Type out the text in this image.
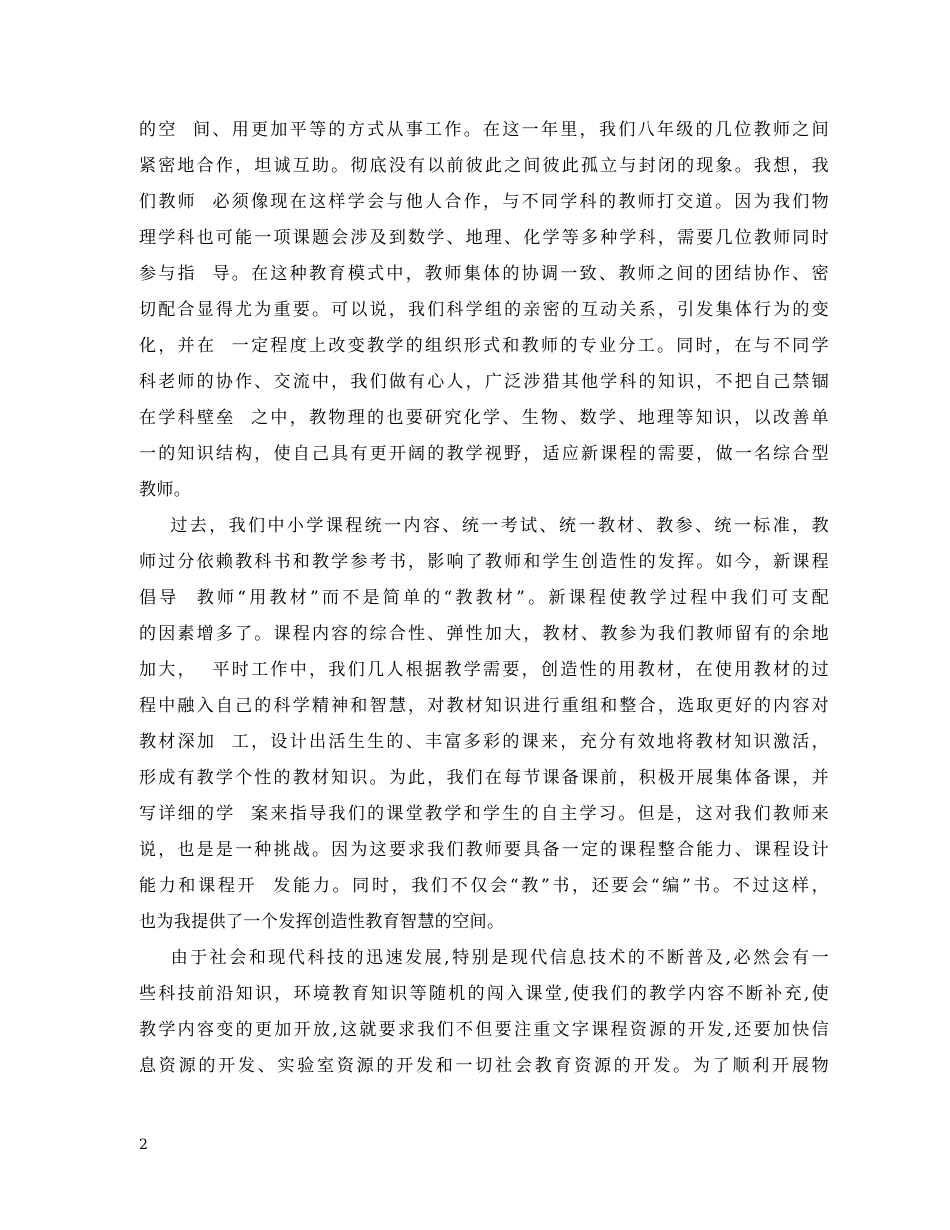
的空  间、用更加平等的方式从事工作。在这一年里，我们八年级的几位教师之间
紧密地合作，坦诚互助。彻底没有以前彼此之间彼此孤立与封闭的现象。我想，我
们教师  必须像现在这样学会与他人合作，与不同学科的教师打交道。因为我们物
理学科也可能一项课题会涉及到数学、地理、化学等多种学科，需要几位教师同时
参与指  导。在这种教育模式中，教师集体的协调一致、教师之间的团结协作、密
切配合显得尤为重要。可以说，我们科学组的亲密的互动关系，引发集体行为的变
化，并在  一定程度上改变教学的组织形式和教师的专业分工。同时，在与不同学
科老师的协作、交流中，我们做有心人，广泛涉猎其他学科的知识，不把自己禁锢
在学科壁垒  之中，教物理的也要研究化学、生物、数学、地理等知识，以改善单
一的知识结构，使自己具有更开阔的教学视野，适应新课程的需要，做一名综合型
教师。
过去，我们中小学课程统一内容、统一考试、统一教材、教参、统一标准，教
师过分依赖教科书和教学参考书，影响了教师和学生创造性的发挥。如今，新课程
倡导  教师“用教材”而不是简单的“教教材”。新课程使教学过程中我们可支配
的因素增多了。课程内容的综合性、弹性加大，教材、教参为我们教师留有的余地
加大，  平时工作中，我们几人根据教学需要，创造性的用教材，在使用教材的过
程中融入自己的科学精神和智慧，对教材知识进行重组和整合，选取更好的内容对
教材深加  工，设计出活生生的、丰富多彩的课来，充分有效地将教材知识激活，
形成有教学个性的教材知识。为此，我们在每节课备课前，积极开展集体备课，并
写详细的学  案来指导我们的课堂教学和学生的自主学习。但是，这对我们教师来
说，也是是一种挑战。因为这要求我们教师要具备一定的课程整合能力、课程设计
能力和课程开  发能力。同时，我们不仅会“教”书，还要会“编”书。不过这样，
也为我提供了一个发挥创造性教育智慧的空间。
由于社会和现代科技的迅速发展,特别是现代信息技术的不断普及,必然会有一
些科技前沿知识，环境教育知识等随机的闯入课堂,使我们的教学内容不断补充,使
教学内容变的更加开放,这就要求我们不但要注重文字课程资源的开发,还要加快信
息资源的开发、实验室资源的开发和一切社会教育资源的开发。为了顺利开展物
2
